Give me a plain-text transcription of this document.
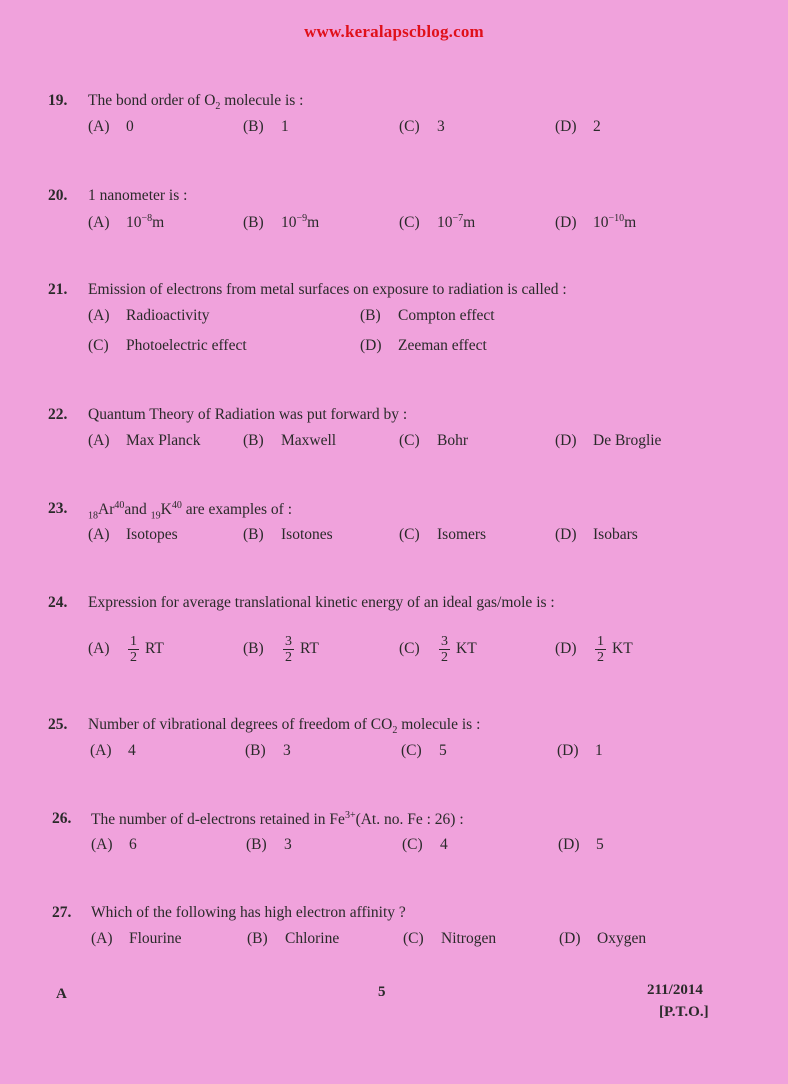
www.keralapscblog.com
19. The bond order of $O_2$ molecule is :
(A) 0	(B) 1	(C) 3	(D) 2
20. 1 nanometer is :
(A) $10^{-8}m$	(B) $10^{-9}m$	(C) $10^{-7}m$	(D) $10^{-10}m$
21. Emission of electrons from metal surfaces on exposure to radiation is called :
(A) Radioactivity	(B) Compton effect
(C) Photoelectric effect	(D) Zeeman effect
22. Quantum Theory of Radiation was put forward by :
(A) Max Planck	(B) Maxwell	(C) Bohr	(D) De Broglie
23. $_{18}Ar^{40}and$ $_{19}K^{40}$ are examples of :
(A) Isotopes	(B) Isotones	(C) Isomers	(D) Isobars
24. Expression for average translational kinetic energy of an ideal gas/mole is :
$(A) \frac{1}{2}$ RT	$(B) \frac{3}{2}$ RT	$(C) \frac{3}{2}$ KT	$(D) \frac{1}{2}$ KT
25. Number of vibrational degrees of freedom of $CO_2$ molecule is :
(A) 4	(B) 3	(C) 5	(D) 1
26. The number of d-electrons retained in $Fe^{3+}(At$. no. Fe : 26) :
(A) 6	(B) 3	(C) 4	(D) 5
27. Which of the following has high electron affinity ?
(A) Flourine	(B) Chlorine	(C) Nitrogen	(D) Oxygen
A	5	211/2014
[P.T.O.]
